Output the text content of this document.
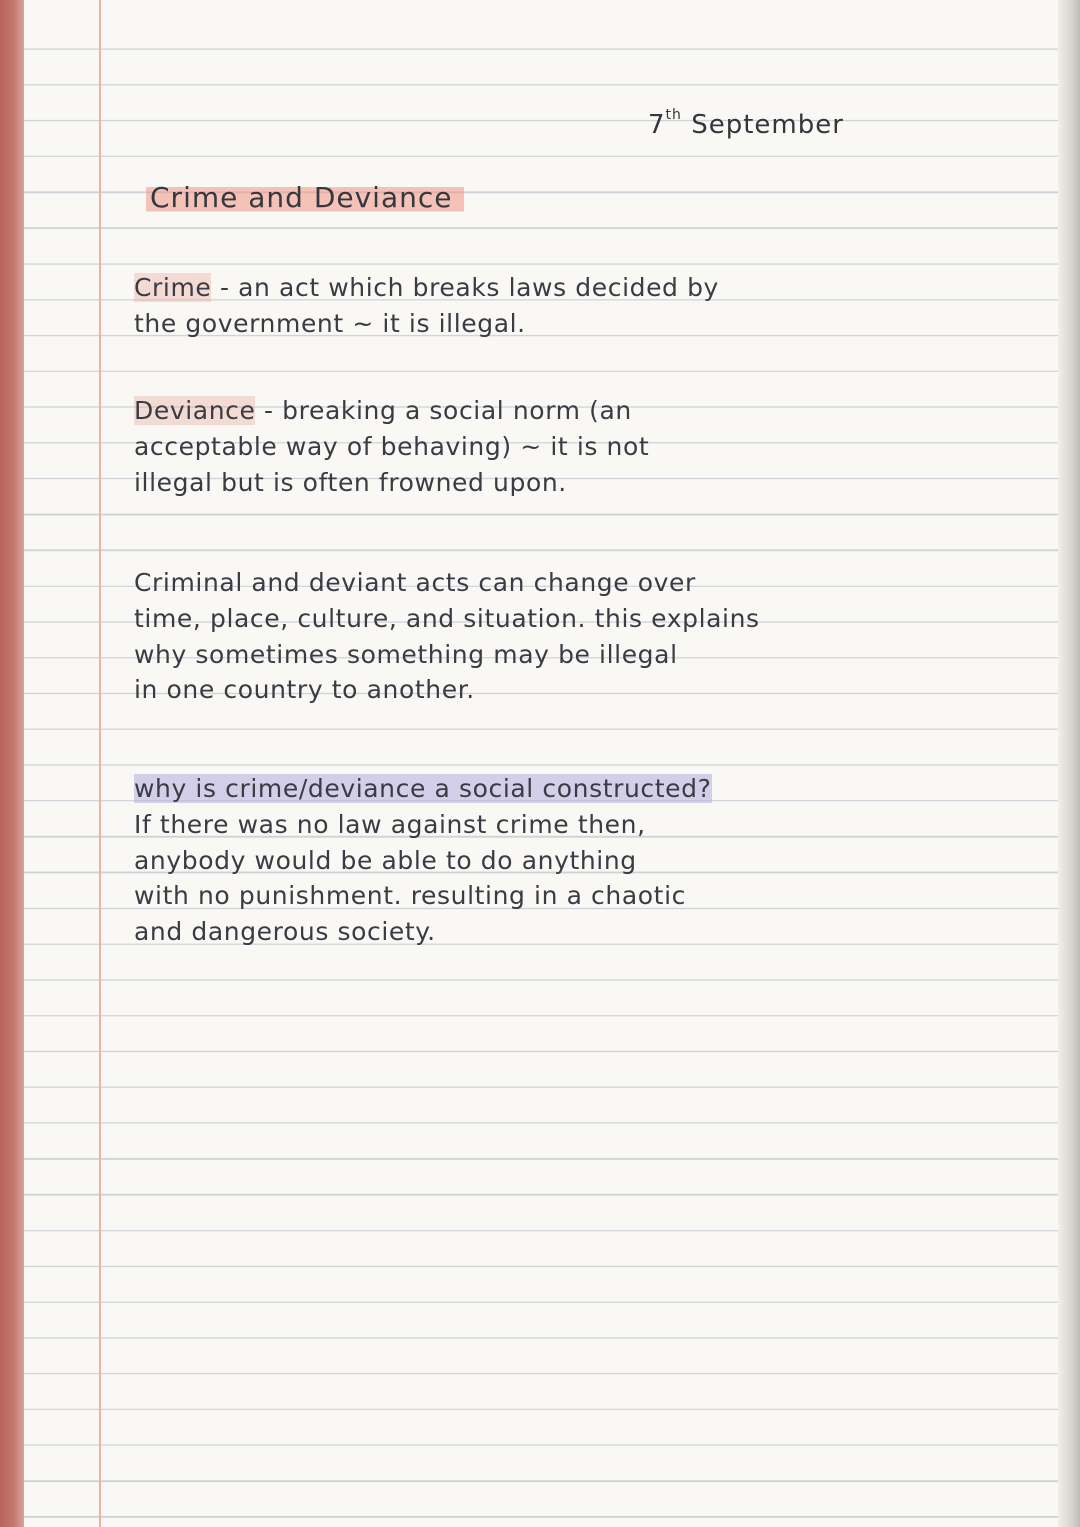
7th September
Crime and Deviance
Crime - an act which breaks laws decided by
the government ~ it is illegal.
Deviance - breaking a social norm (an
acceptable way of behaving) ~ it is not
illegal but is often frowned upon.
Criminal and deviant acts can change over
time, place, culture, and situation. this explains
why sometimes something may be illegal
in one country to another.
why is crime/deviance a social constructed?
If there was no law against crime then,
anybody would be able to do anything
with no punishment. resulting in a chaotic
and dangerous society.
